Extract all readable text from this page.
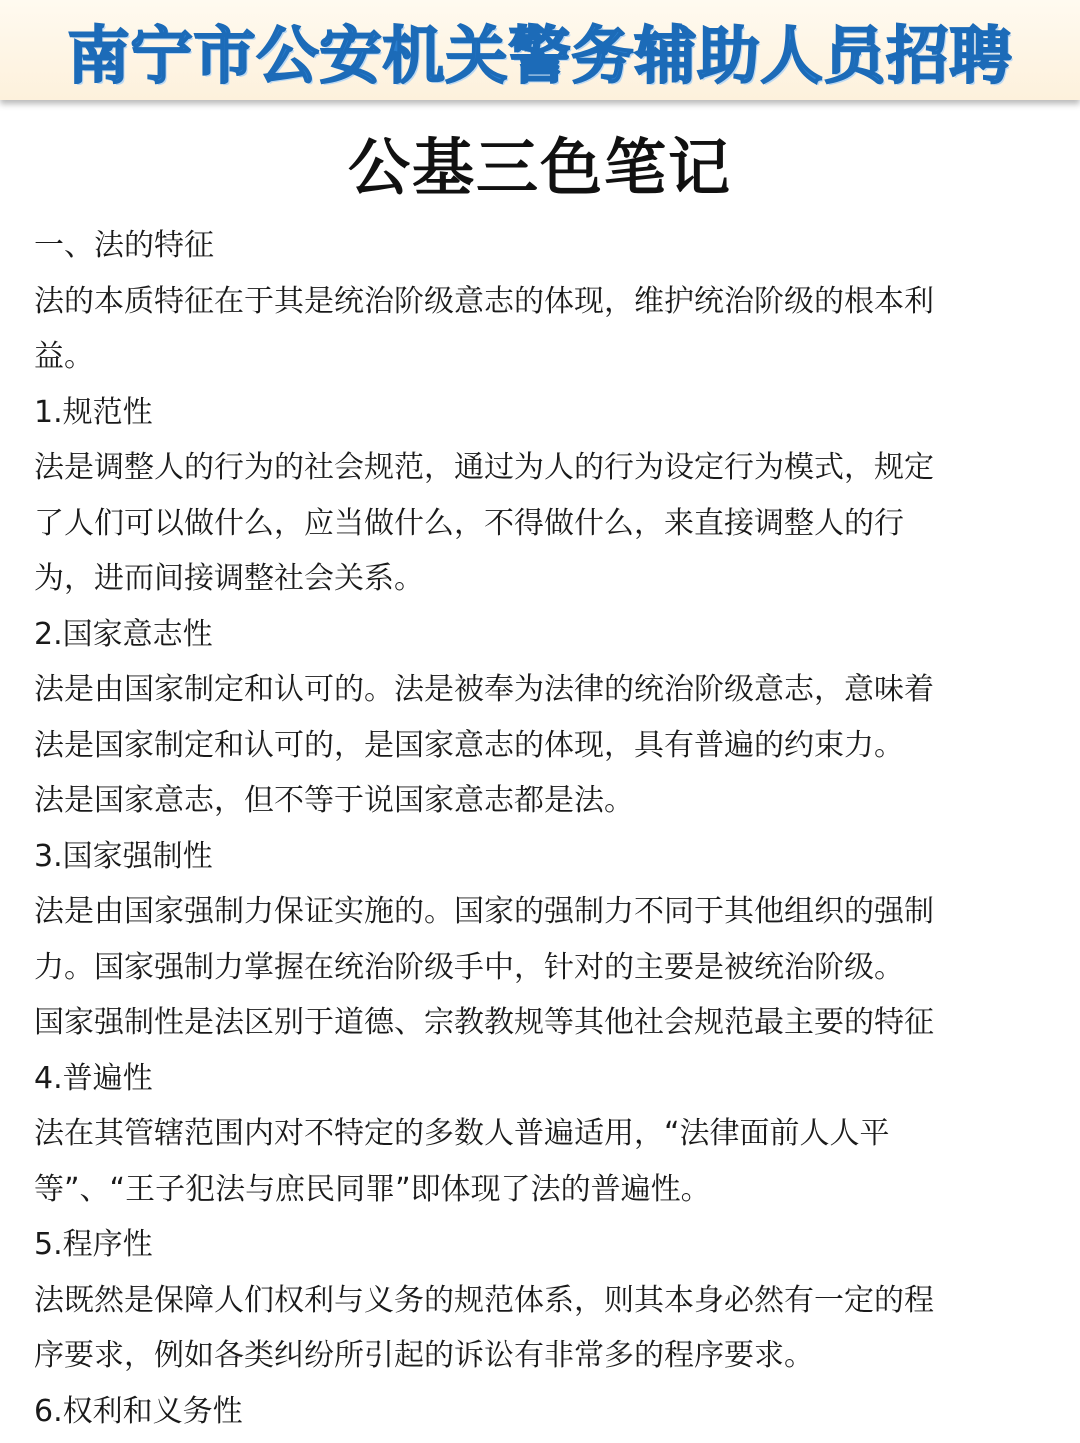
南宁市公安机关警务辅助人员招聘
公基三色笔记
一、法的特征
法的本质特征在于其是统治阶级意志的体现，维护统治阶级的根本利
益。
1.规范性
法是调整人的行为的社会规范，通过为人的行为设定行为模式，规定
了人们可以做什么，应当做什么，不得做什么，来直接调整人的行
为，进而间接调整社会关系。
2.国家意志性
法是由国家制定和认可的。法是被奉为法律的统治阶级意志，意味着
法是国家制定和认可的，是国家意志的体现，具有普遍的约束力。
法是国家意志，但不等于说国家意志都是法。
3.国家强制性
法是由国家强制力保证实施的。国家的强制力不同于其他组织的强制
力。国家强制力掌握在统治阶级手中，针对的主要是被统治阶级。
国家强制性是法区别于道德、宗教教规等其他社会规范最主要的特征
4.普遍性
法在其管辖范围内对不特定的多数人普遍适用，“法律面前人人平
等”、“王子犯法与庶民同罪”即体现了法的普遍性。
5.程序性
法既然是保障人们权利与义务的规范体系，则其本身必然有一定的程
序要求，例如各类纠纷所引起的诉讼有非常多的程序要求。
6.权利和义务性
